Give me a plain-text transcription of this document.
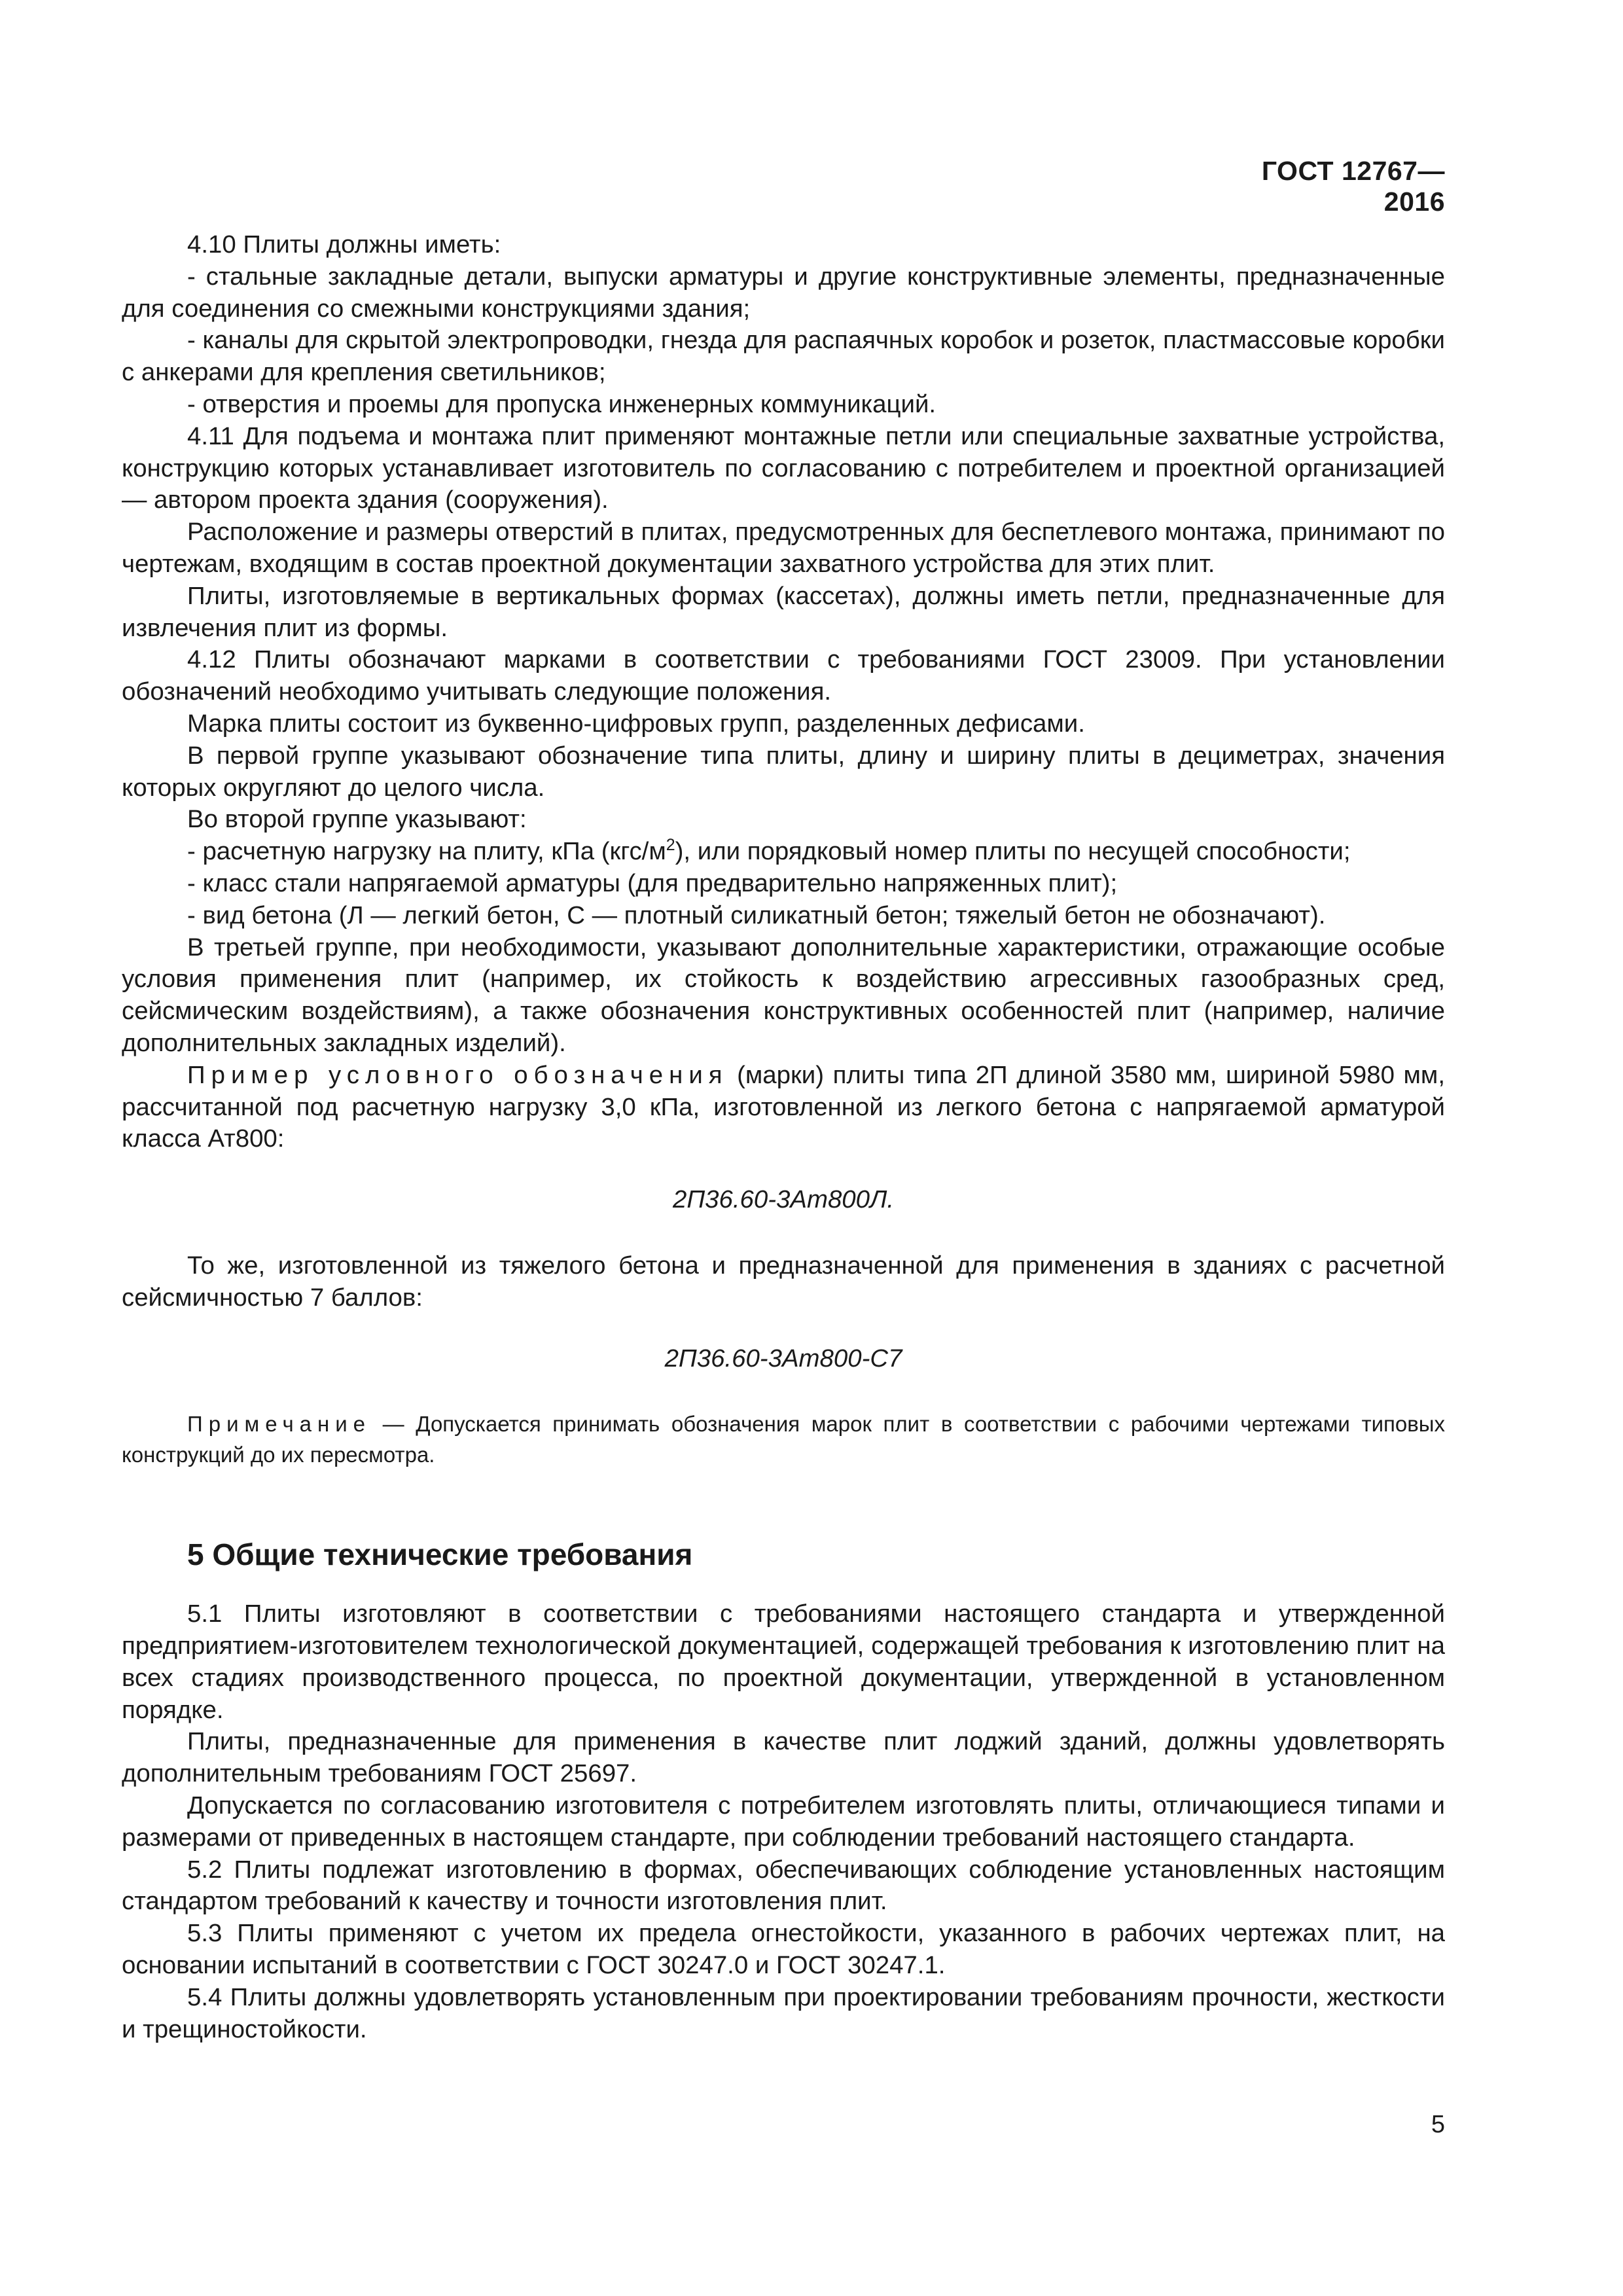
ГОСТ 12767—2016

4.10 Плиты должны иметь:

- стальные закладные детали, выпуски арматуры и другие конструктивные элементы, предназначенные для соединения со смежными конструкциями здания;

- каналы для скрытой электропроводки, гнезда для распаячных коробок и розеток, пластмассовые коробки с анкерами для крепления светильников;

- отверстия и проемы для пропуска инженерных коммуникаций.

4.11 Для подъема и монтажа плит применяют монтажные петли или специальные захватные устройства, конструкцию которых устанавливает изготовитель по согласованию с потребителем и проектной организацией — автором проекта здания (сооружения).

Расположение и размеры отверстий в плитах, предусмотренных для беспетлевого монтажа, принимают по чертежам, входящим в состав проектной документации захватного устройства для этих плит.

Плиты, изготовляемые в вертикальных формах (кассетах), должны иметь петли, предназначенные для извлечения плит из формы.

4.12 Плиты обозначают марками в соответствии с требованиями ГОСТ 23009. При установлении обозначений необходимо учитывать следующие положения.

Марка плиты состоит из буквенно-цифровых групп, разделенных дефисами.

В первой группе указывают обозначение типа плиты, длину и ширину плиты в дециметрах, значения которых округляют до целого числа.

Во второй группе указывают:

- расчетную нагрузку на плиту, кПа $(кгс/м^2)$, или порядковый номер плиты по несущей способности;

- класс стали напрягаемой арматуры (для предварительно напряженных плит);

- вид бетона (Л — легкий бетон, С — плотный силикатный бетон; тяжелый бетон не обозначают).

В третьей группе, при необходимости, указывают дополнительные характеристики, отражающие особые условия применения плит (например, их стойкость к воздействию агрессивных газообразных сред, сейсмическим воздействиям), а также обозначения конструктивных особенностей плит (например, наличие дополнительных закладных изделий).

Пример условного обозначения (марки) плиты типа 2П длиной 3580 мм, шириной 5980 мм, рассчитанной под расчетную нагрузку 3,0 кПа, изготовленной из легкого бетона с напрягаемой арматурой класса Ат800:

2П36.60-3Ат800Л.

То же, изготовленной из тяжелого бетона и предназначенной для применения в зданиях с расчетной сейсмичностью 7 баллов:

2П36.60-3Ат800-С7

Примечание — Допускается принимать обозначения марок плит в соответствии с рабочими чертежами типовых конструкций до их пересмотра.

5 Общие технические требования

5.1 Плиты изготовляют в соответствии с требованиями настоящего стандарта и утвержденной предприятием-изготовителем технологической документацией, содержащей требования к изготовлению плит на всех стадиях производственного процесса, по проектной документации, утвержденной в установленном порядке.

Плиты, предназначенные для применения в качестве плит лоджий зданий, должны удовлетворять дополнительным требованиям ГОСТ 25697.

Допускается по согласованию изготовителя с потребителем изготовлять плиты, отличающиеся типами и размерами от приведенных в настоящем стандарте, при соблюдении требований настоящего стандарта.

5.2 Плиты подлежат изготовлению в формах, обеспечивающих соблюдение установленных настоящим стандартом требований к качеству и точности изготовления плит.

5.3 Плиты применяют с учетом их предела огнестойкости, указанного в рабочих чертежах плит, на основании испытаний в соответствии с ГОСТ 30247.0 и ГОСТ 30247.1.

5.4 Плиты должны удовлетворять установленным при проектировании требованиям прочности, жесткости и трещиностойкости.

5
